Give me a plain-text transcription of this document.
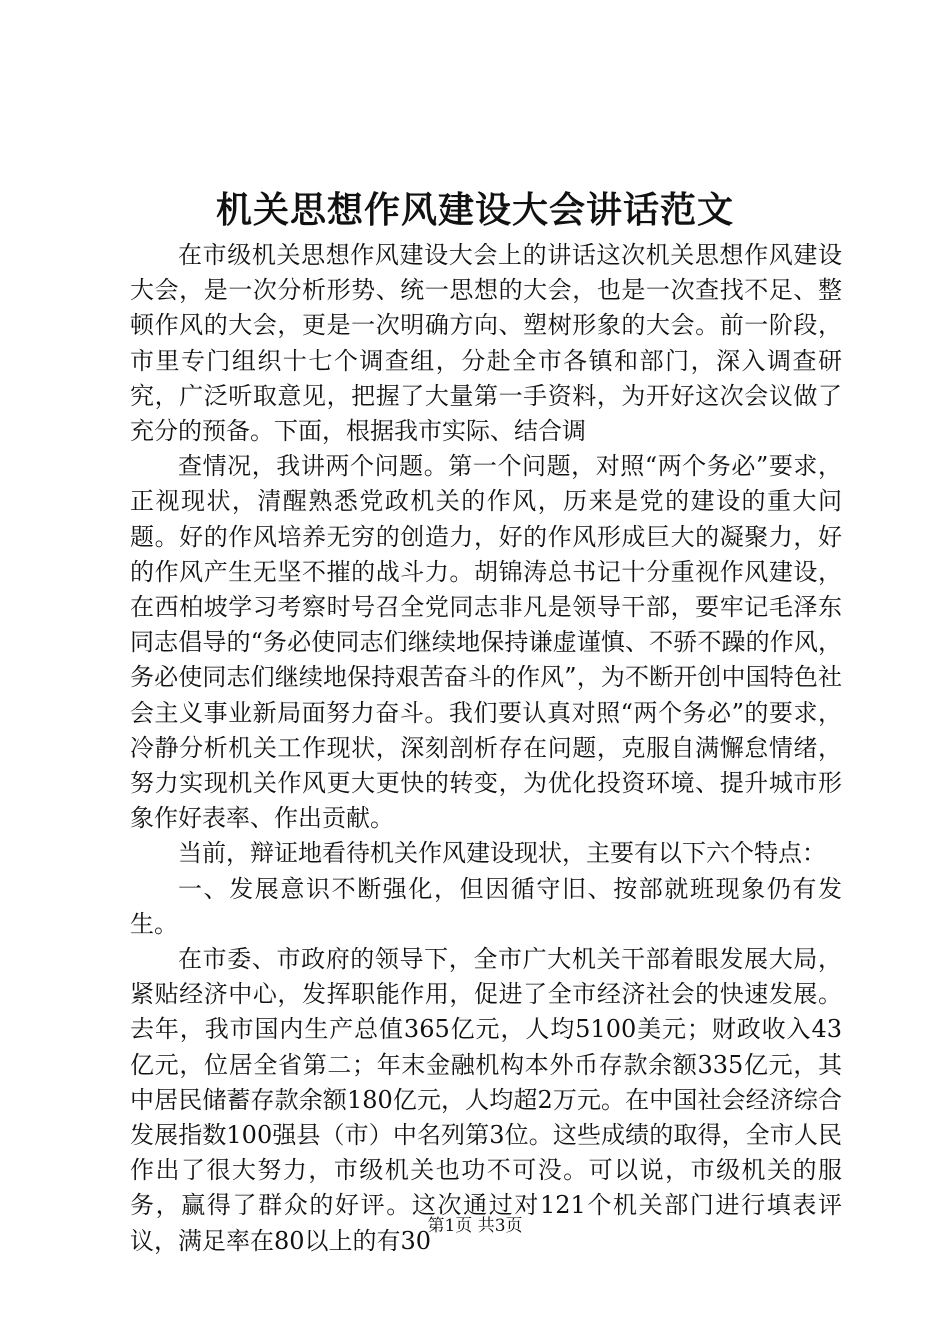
机关思想作风建设大会讲话范文

在市级机关思想作风建设大会上的讲话这次机关思想作风建设大会，是一次分析形势、统一思想的大会，也是一次查找不足、整顿作风的大会，更是一次明确方向、塑树形象的大会。前一阶段，市里专门组织十七个调查组，分赴全市各镇和部门，深入调查研究，广泛听取意见，把握了大量第一手资料，为开好这次会议做了充分的预备。下面，根据我市实际、结合调

查情况，我讲两个问题。第一个问题，对照“两个务必”要求，正视现状，清醒熟悉党政机关的作风，历来是党的建设的重大问题。好的作风培养无穷的创造力，好的作风形成巨大的凝聚力，好的作风产生无坚不摧的战斗力。胡锦涛总书记十分重视作风建设，在西柏坡学习考察时号召全党同志非凡是领导干部，要牢记毛泽东同志倡导的“务必使同志们继续地保持谦虚谨慎、不骄不躁的作风，务必使同志们继续地保持艰苦奋斗的作风”，为不断开创中国特色社会主义事业新局面努力奋斗。我们要认真对照“两个务必”的要求，冷静分析机关工作现状，深刻剖析存在问题，克服自满懈怠情绪，努力实现机关作风更大更快的转变，为优化投资环境、提升城市形象作好表率、作出贡献。

当前，辩证地看待机关作风建设现状，主要有以下六个特点：

一、发展意识不断强化，但因循守旧、按部就班现象仍有发生。

在市委、市政府的领导下，全市广大机关干部着眼发展大局，紧贴经济中心，发挥职能作用，促进了全市经济社会的快速发展。去年，我市国内生产总值365亿元，人均5100美元；财政收入43亿元，位居全省第二；年末金融机构本外币存款余额335亿元，其中居民储蓄存款余额180亿元，人均超2万元。在中国社会经济综合发展指数100强县（市）中名列第3位。这些成绩的取得，全市人民作出了很大努力，市级机关也功不可没。可以说，市级机关的服务，赢得了群众的好评。这次通过对121个机关部门进行填表评议，满足率在80以上的有30

第1页 共3页
